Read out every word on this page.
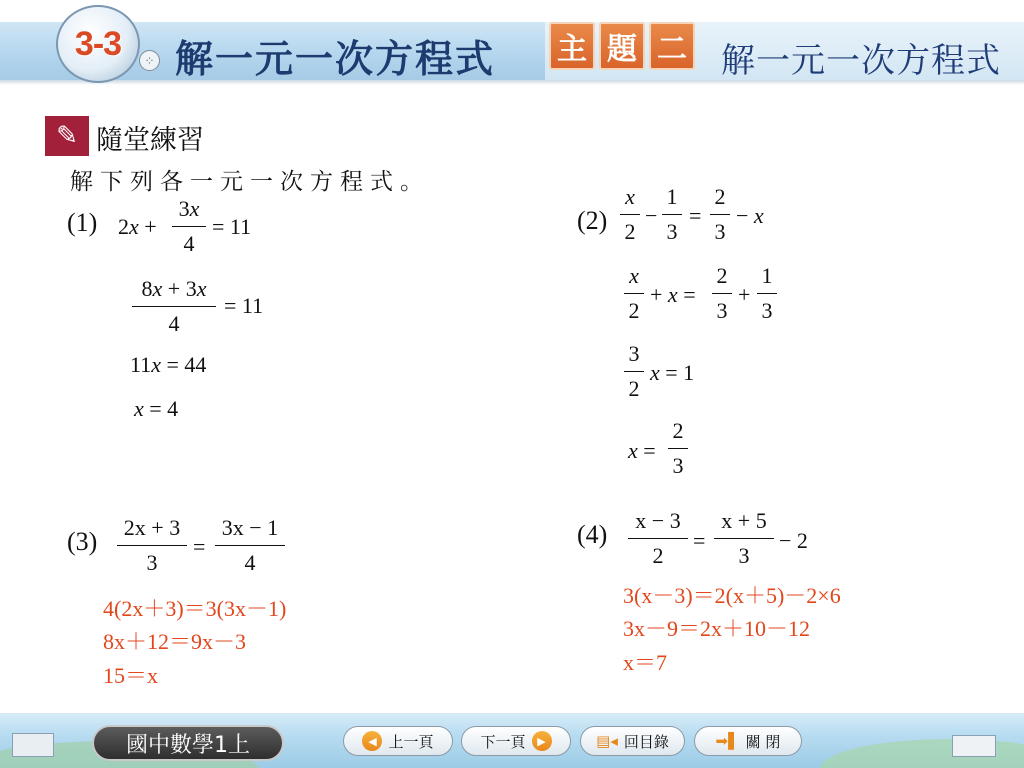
3-3	⁘ 解一元一次方程式 主 題 二 解一元一次方程式
✎ 隨堂練習
解下列各一元一次方程式。
(1) 2x +
3x
4
= 11
8x + 3x
4
= 11
11x = 44
x = 4
(2)
x
2
−
1
3
=
2
3
− x
x
2
+ x =
2
3
+
1
3
3
2
x = 1
x =
2
3
(3)	2x + 3
3
=
3x − 1
4
4(2x＋3)＝3(3x－1)
8x＋12＝9x－3
15＝x
(4)	x − 3
2
=
x + 5
3
− 2
3(x－3)＝2(x＋5)－2×6
3x－9＝2x＋10－12
x＝7
國中數學1上	◀ 上一頁	下一頁	▶	▤◂ 回目錄	➡▌ 關 閉
